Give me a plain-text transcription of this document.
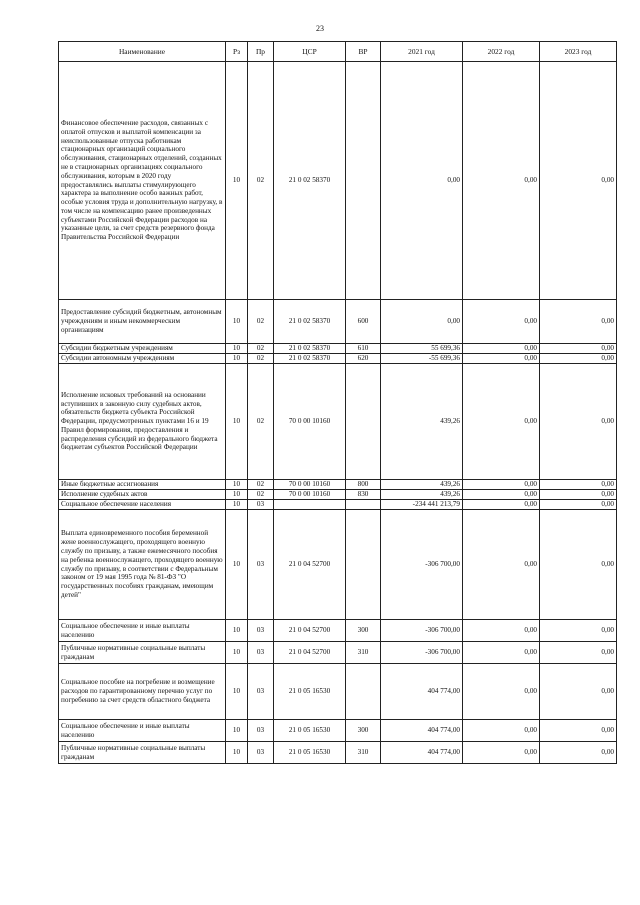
23
Наименование	Рз	Пр	ЦСР	ВР	2021 год	2022 год	2023 год
Финансовое обеспечение расходов, связанных с оплатой отпусков и выплатой компенсации за неиспользованные отпуска работникам стационарных организаций социального обслуживания, стационарных отделений, созданных не в стационарных организациях социального обслуживания, которым в 2020 году предоставлялись выплаты стимулирующего характера за выполнение особо важных работ, особые условия труда и дополнительную нагрузку, в том числе на компенсацию ранее произведенных субъектами Российской Федерации расходов на указанные цели, за счет средств резервного фонда Правительства Российской Федерации	10	02	21 0 02 58370		0,00	0,00	0,00
Предоставление субсидий бюджетным, автономным учреждениям и иным некоммерческим организациям	10	02	21 0 02 58370	600	0,00	0,00	0,00
Субсидии бюджетным учреждениям	10	02	21 0 02 58370	610	55 699,36	0,00	0,00
Субсидии автономным учреждениям	10	02	21 0 02 58370	620	-55 699,36	0,00	0,00
Исполнение исковых требований на основании вступивших в законную силу судебных актов, обязательств бюджета субъекта Российской Федерации, предусмотренных пунктами 16 и 19 Правил формирования, предоставления и распределения субсидий из федерального бюджета бюджетам субъектов Российской Федерации	10	02	70 0 00 10160		439,26	0,00	0,00
Иные бюджетные ассигнования	10	02	70 0 00 10160	800	439,26	0,00	0,00
Исполнение судебных актов	10	02	70 0 00 10160	830	439,26	0,00	0,00
Социальное обеспечение населения	10	03			-234 441 213,79	0,00	0,00
Выплата единовременного пособия беременной жене военнослужащего, проходящего военную службу по призыву, а также ежемесячного пособия на ребенка военнослужащего, проходящего военную службу по призыву, в соответствии с Федеральным законом от 19 мая 1995 года № 81-ФЗ "О государственных пособиях гражданам, имеющим детей"	10	03	21 0 04 52700		-306 700,00	0,00	0,00
Социальное обеспечение и иные выплаты населению	10	03	21 0 04 52700	300	-306 700,00	0,00	0,00
Публичные нормативные социальные выплаты гражданам	10	03	21 0 04 52700	310	-306 700,00	0,00	0,00
Социальное пособие на погребение и возмещение расходов по гарантированному перечню услуг по погребению за счет средств областного бюджета	10	03	21 0 05 16530		404 774,00	0,00	0,00
Социальное обеспечение и иные выплаты населению	10	03	21 0 05 16530	300	404 774,00	0,00	0,00
Публичные нормативные социальные выплаты гражданам	10	03	21 0 05 16530	310	404 774,00	0,00	0,00
